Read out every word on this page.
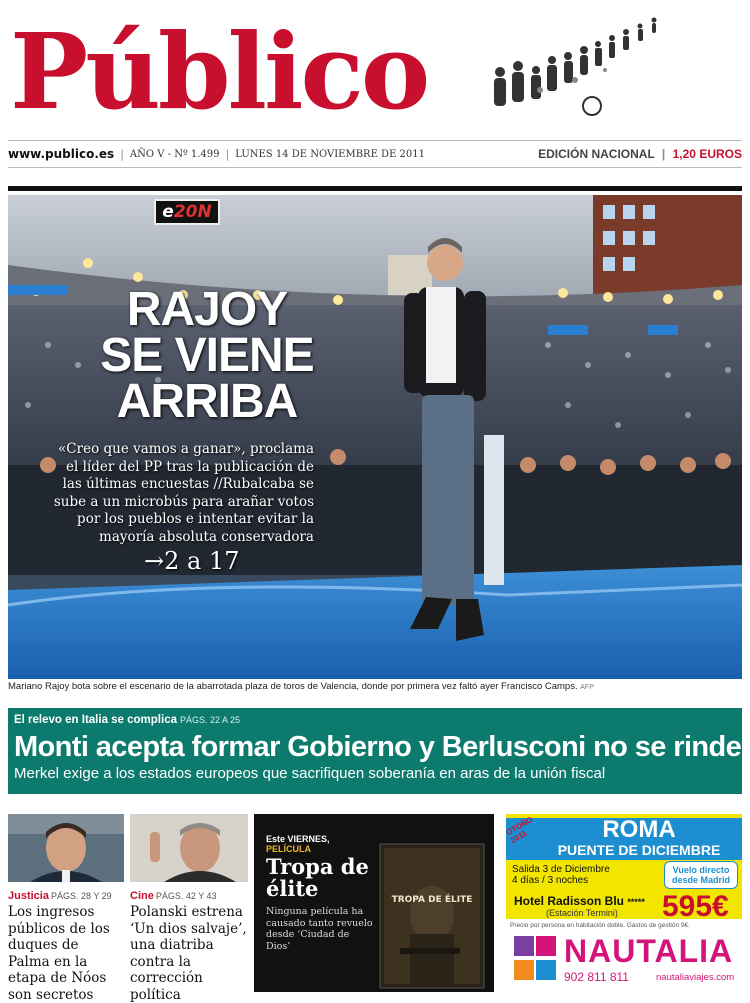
Público
www.publico.es | AÑO V - Nº 1.499 | LUNES 14 DE NOVIEMBRE DE 2011	EDICIÓN NACIONAL | 1,20 EUROS
e20N
RAJOY
SE VIENE
ARRIBA
«Creo que vamos a ganar», proclama el líder del PP tras la publicación de las últimas encuestas //Rubalcaba se sube a un microbús para arañar votos por los pueblos e intentar evitar la mayoría absoluta conservadora
→2 a 17
Mariano Rajoy bota sobre el escenario de la abarrotada plaza de toros de Valencia, donde por primera vez faltó ayer Francisco Camps. AFP
El relevo en Italia se complica PÁGS. 22 A 25
Monti acepta formar Gobierno y Berlusconi no se rinde
Merkel exige a los estados europeos que sacrifiquen soberanía en aras de la unión fiscal
Justicia PÁGS. 28 Y 29
Los ingresos públicos de los duques de Palma en la etapa de Nóos son secretos
Cine PÁGS. 42 Y 43
Polanski estrena ‘Un dios salvaje’, una diatriba contra la corrección política
Este VIERNES,
PELÍCULA
Tropa de élite
Ninguna película ha causado tanto revuelo desde ‘Ciudad de Dios’
TROPA DE ÉLITE
ROMA
PUENTE DE DICIEMBRE
OTOÑO 2011
Salida 3 de Diciembre
4 días / 3 noches
Vuelo directo desde Madrid
Hotel Radisson Blu *****
(Estación Termini) 595€
Precio por persona en habitación doble. Gastos de gestión 9€.
NAUTALIA
902 811 811	nautaliaviajes.com
